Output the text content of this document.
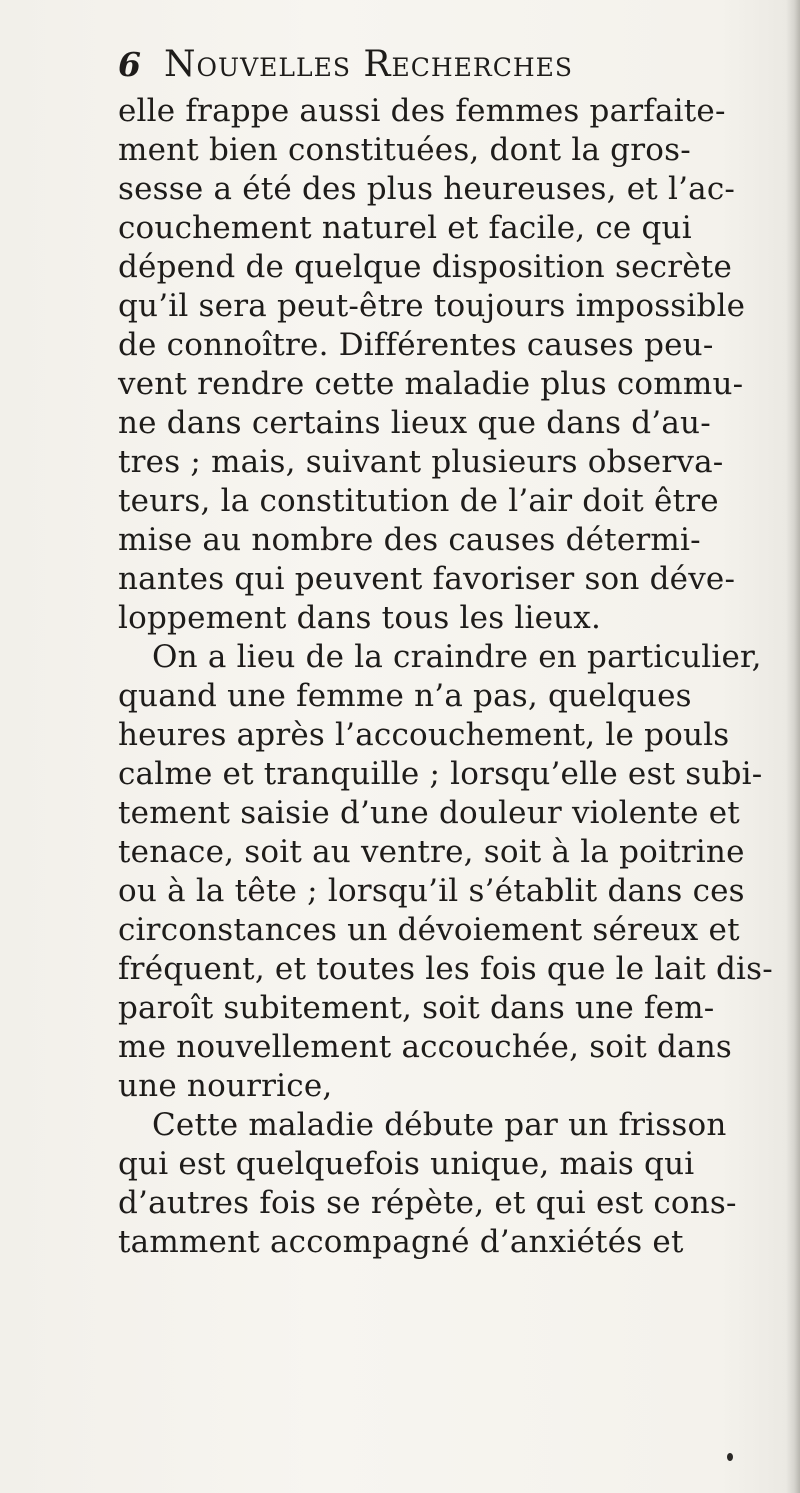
6 Nouvelles Recherches
elle frappe aussi des femmes parfaite-
ment bien constituées, dont la gros-
sesse a été des plus heureuses, et l’ac-
couchement naturel et facile, ce qui
dépend de quelque disposition secrète
qu’il sera peut-être toujours impossible
de connoître. Différentes causes peu-
vent rendre cette maladie plus commu-
ne dans certains lieux que dans d’au-
tres ; mais, suivant plusieurs observa-
teurs, la constitution de l’air doit être
mise au nombre des causes détermi-
nantes qui peuvent favoriser son déve-
loppement dans tous les lieux.
On a lieu de la craindre en particulier,
quand une femme n’a pas, quelques
heures après l’accouchement, le pouls
calme et tranquille ; lorsqu’elle est subi-
tement saisie d’une douleur violente et
tenace, soit au ventre, soit à la poitrine
ou à la tête ; lorsqu’il s’établit dans ces
circonstances un dévoiement séreux et
fréquent, et toutes les fois que le lait dis-
paroît subitement, soit dans une fem-
me nouvellement accouchée, soit dans
une nourrice,
Cette maladie débute par un frisson
qui est quelquefois unique, mais qui
d’autres fois se répète, et qui est cons-
tamment accompagné d’anxiétés et
